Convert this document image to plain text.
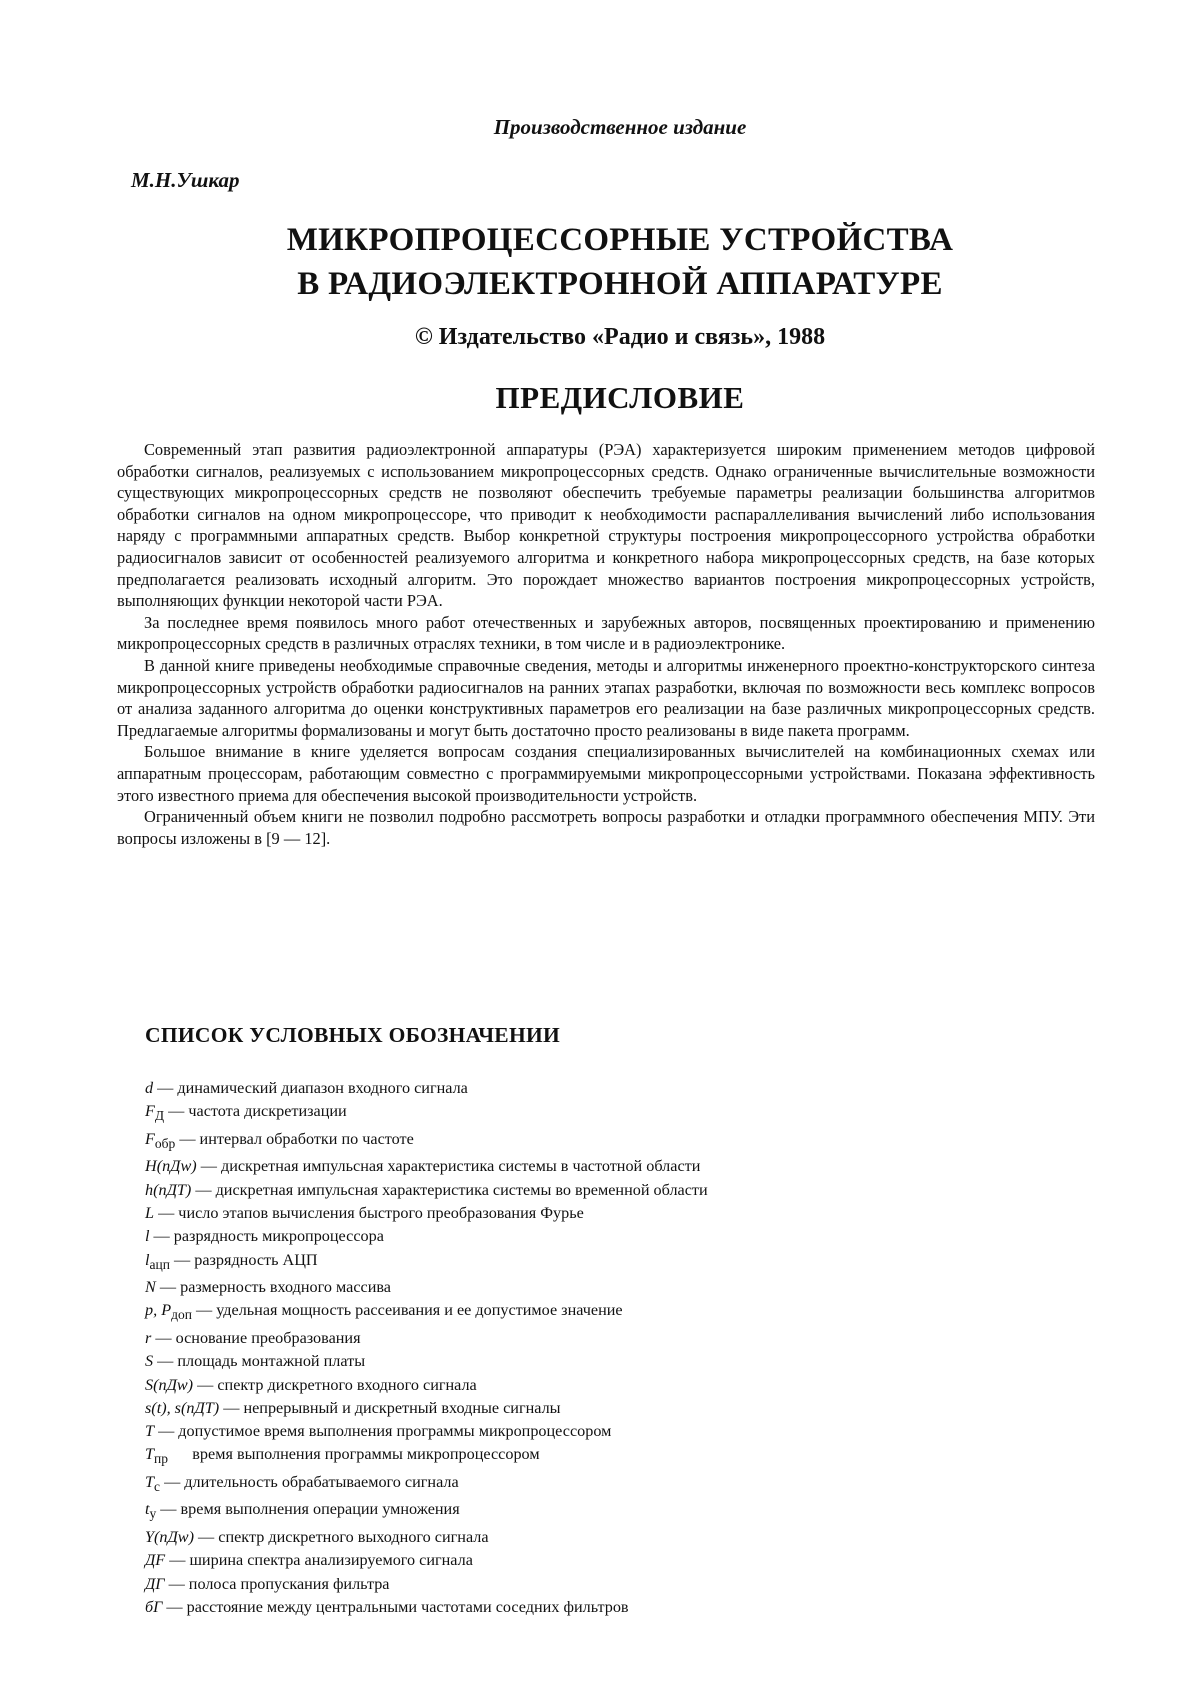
Производственное издание
М.Н.Ушкар
МИКРОПРОЦЕССОРНЫЕ УСТРОЙСТВА
В РАДИОЭЛЕКТРОННОЙ АППАРАТУРЕ
© Издательство «Радио и связь», 1988
ПРЕДИСЛОВИЕ

Современный этап развития радиоэлектронной аппаратуры (РЭА) характеризуется широким применением методов цифровой обработки сигналов, реализуемых с использованием микропроцессорных средств. Однако ограниченные вычислительные возможности существующих микропроцессорных средств не позволяют обеспечить требуемые параметры реализации большинства алгоритмов обработки сигналов на одном микропроцессоре, что приводит к необходимости распараллеливания вычислений либо использования наряду с программными аппаратных средств. Выбор конкретной структуры построения микропроцессорного устройства обработки радиосигналов зависит от особенностей реализуемого алгоритма и конкретного набора микропроцессорных средств, на базе которых предполагается реализовать исходный алгоритм. Это порождает множество вариантов построения микропроцессорных устройств, выполняющих функции некоторой части РЭА.

За последнее время появилось много работ отечественных и зарубежных авторов, посвященных проектированию и применению микропроцессорных средств в различных отраслях техники, в том числе и в радиоэлектронике.

В данной книге приведены необходимые справочные сведения, методы и алгоритмы инженерного проектно-конструкторского синтеза микропроцессорных устройств обработки радиосигналов на ранних этапах разработки, включая по возможности весь комплекс вопросов от анализа заданного алгоритма до оценки конструктивных параметров его реализации на базе различных микропроцессорных средств. Предлагаемые алгоритмы формализованы и могут быть достаточно просто реализованы в виде пакета программ.

Большое внимание в книге уделяется вопросам создания специализированных вычислителей на комбинационных схемах или аппаратным процессорам, работающим совместно с программируемыми микропроцессорными устройствами. Показана эффективность этого известного приема для обеспечения высокой производительности устройств.

Ограниченный объем книги не позволил подробно рассмотреть вопросы разработки и отладки программного обеспечения МПУ. Эти вопросы изложены в [9 — 12].

СПИСОК УСЛОВНЫХ ОБОЗНАЧЕНИИ
d — динамический диапазон входного сигнала
$F_Д$ — частота дискретизации
$F_{обр}$ — интервал обработки по частоте
H(nДw) — дискретная импульсная характеристика системы в частотной области
h(nДТ) — дискретная импульсная характеристика системы во временной области
L — число этапов вычисления быстрого преобразования Фурье
l — разрядность микропроцессора
$l_{ацп}$ — разрядность АЦП
N — размерность входного массива
p, $P_{доп}$ — удельная мощность рассеивания и ее допустимое значение
r — основание преобразования
S — площадь монтажной платы
S(nДw) — спектр дискретного входного сигнала
s(t), s(nДТ) — непрерывный и дискретный входные сигналы
Т — допустимое время выполнения программы микропроцессором
$T_{пр}$      время выполнения программы микропроцессором
$T_с$ — длительность обрабатываемого сигнала
$t_у$ — время выполнения операции умножения
Y(nДw) — спектр дискретного выходного сигнала
ДF — ширина спектра анализируемого сигнала
ДГ — полоса пропускания фильтра
бГ — расстояние между центральными частотами соседних фильтров
